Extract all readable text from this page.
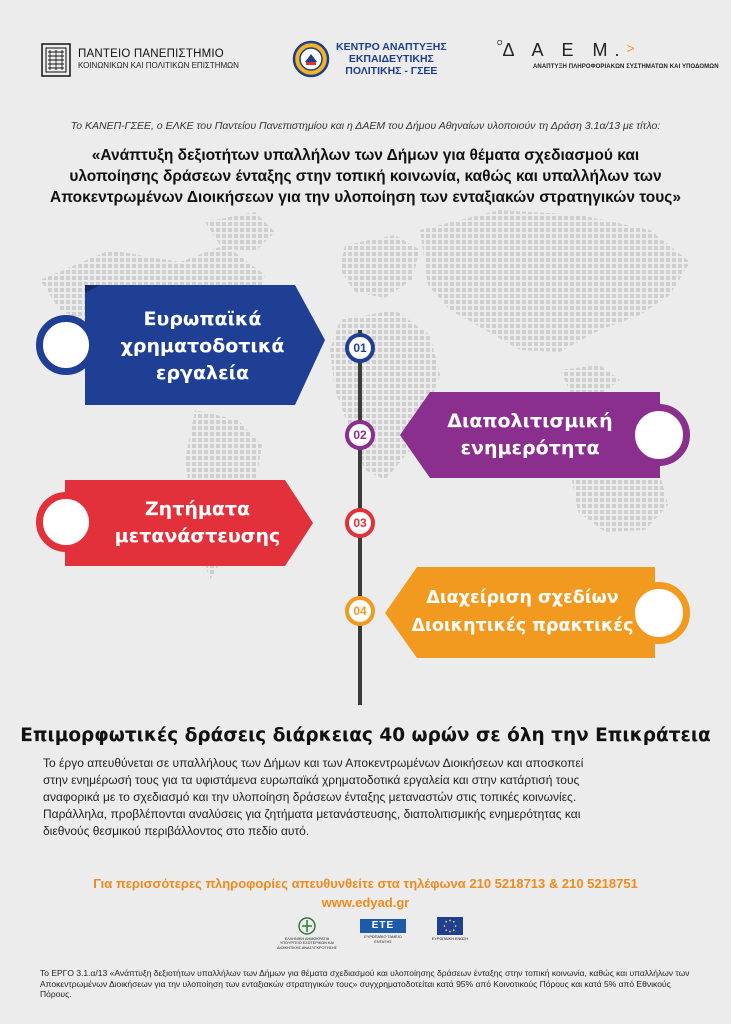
ΠΑΝΤΕΙΟ ΠΑΝΕΠΙΣΤΗΜΙΟ
ΚΟΙΝΩΝΙΚΩΝ ΚΑΙ ΠΟΛΙΤΙΚΩΝ ΕΠΙΣΤΗΜΩΝ
ΚΕΝΤΡΟ ΑΝΑΠΤΥΞΗΣ
ΕΚΠΑΙΔΕΥΤΙΚΗΣ
ΠΟΛΙΤΙΚΗΣ - ΓΣΕΕ
$^O$Δ Α Ε Μ.>
ΑΝΑΠΤΥΞΗ ΠΛΗΡΟΦΟΡΙΑΚΩΝ ΣΥΣΤΗΜΑΤΩΝ ΚΑΙ ΥΠΟΔΟΜΩΝ
Το ΚΑΝΕΠ-ΓΣΕΕ, ο ΕΛΚΕ του Παντείου Πανεπιστημίου και η ΔΑΕΜ του Δήμου Αθηναίων υλοποιούν τη Δράση 3.1α/13 με τίτλο:
«Ανάπτυξη δεξιοτήτων υπαλλήλων των Δήμων για θέματα σχεδιασμού και
υλοποίησης δράσεων ένταξης στην τοπική κοινωνία, καθώς και υπαλλήλων των
Αποκεντρωμένων Διοικήσεων για την υλοποίηση των ενταξιακών στρατηγικών τους»
Ευρωπαϊκά
χρηματοδοτικά
εργαλεία
Διαπολιτισμική
ενημερότητα
Ζητήματα
μετανάστευσης
Διαχείριση σχεδίων
Διοικητικές πρακτικές
01
02
03
04
Επιμορφωτικές δράσεις διάρκειας 40 ωρών σε όλη την Επικράτεια
Το έργο απευθύνεται σε υπαλλήλους των Δήμων και των Αποκεντρωμένων Διοικήσεων και αποσκοπεί
στην ενημέρωσή τους για τα υφιστάμενα ευρωπαϊκά χρηματοδοτικά εργαλεία και στην κατάρτισή τους
αναφορικά με το σχεδιασμό και την υλοποίηση δράσεων ένταξης μεταναστών στις τοπικές κοινωνίες.
Παράλληλα, προβλέπονται αναλύσεις για ζητήματα μετανάστευσης, διαπολιτισμικής ενημερότητας και
διεθνούς θεσμικού περιβάλλοντος στο πεδίο αυτό.
Για περισσότερες πληροφορίες απευθυνθείτε στα τηλέφωνα 210 5218713 & 210 5218751
www.edyad.gr
ΕΛΛΗΝΙΚΗ ΔΗΜΟΚΡΑΤΙΑ ΥΠΟΥΡΓΕΙΟ ΕΣΩΤΕΡΙΚΩΝ ΚΑΙ ΔΙΟΙΚΗΤΙΚΗΣ ΑΝΑΣΥΓΚΡΟΤΗΣΗΣ
ΕΤΕ
ΕΥΡΩΠΑΪΚΟ ΤΑΜΕΙΟ ΕΝΤΑΞΗΣ
ΕΥΡΩΠΑΪΚΗ ΕΝΩΣΗ
Το ΕΡΓΟ 3.1.α/13 «Ανάπτυξη δεξιοτήτων υπαλλήλων των Δήμων για θέματα σχεδιασμού και υλοποίησης δράσεων ένταξης στην τοπική κοινωνία, καθώς και υπαλλήλων των Αποκεντρωμένων Διοικήσεων για την υλοποίηση των ενταξιακών στρατηγικών τους» συγχρηματοδοτείται κατά 95% από Κοινοτικούς Πόρους και κατά 5% από Εθνικούς Πόρους.
